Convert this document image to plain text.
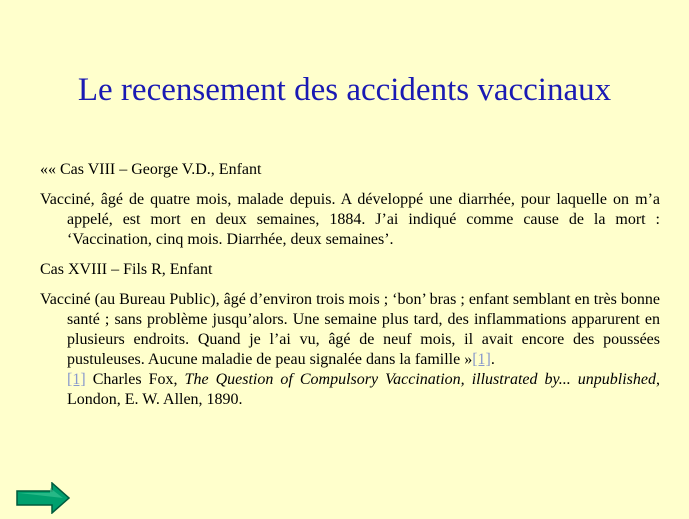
Le recensement des accidents vaccinaux

«« Cas VIII – George V.D., Enfant

Vacciné, âgé de quatre mois, malade depuis. A développé une diarrhée, pour laquelle on m’a appelé, est mort en deux semaines, 1884. J’ai indiqué comme cause de la mort : ‘Vaccination, cinq mois. Diarrhée, deux semaines’.

Cas XVIII – Fils R, Enfant

Vacciné (au Bureau Public), âgé d’environ trois mois ; ‘bon’ bras ; enfant semblant en très bonne santé ; sans problème jusqu’alors. Une semaine plus tard, des inflammations apparurent en plusieurs endroits. Quand je l’ai vu, âgé de neuf mois, il avait encore des poussées pustuleuses. Aucune maladie de peau signalée dans la famille »[1].
[1] Charles Fox, The Question of Compulsory Vaccination, illustrated by... unpublished, London, E. W. Allen, 1890.
